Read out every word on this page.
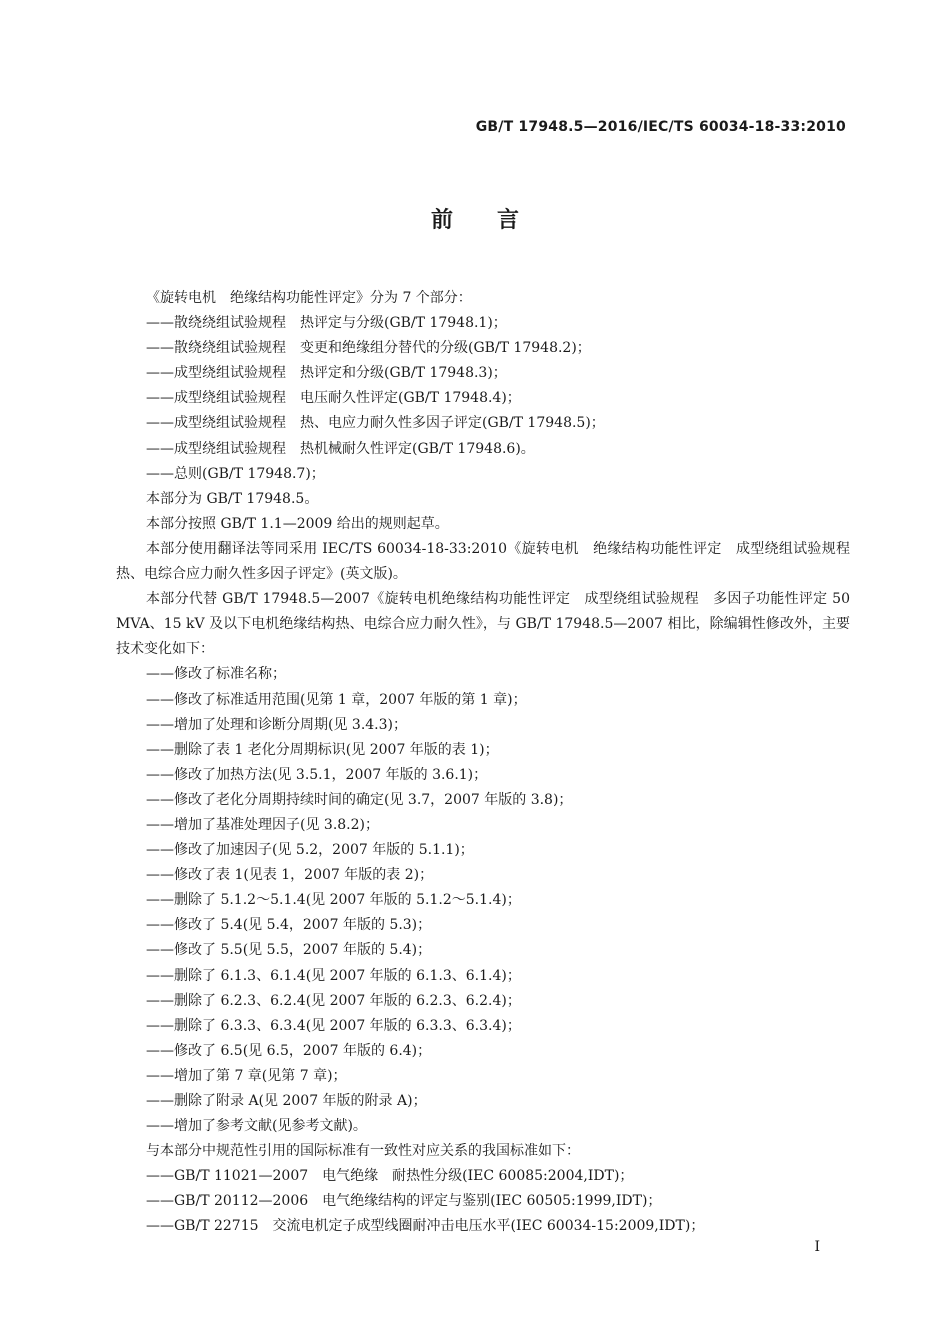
GB/T 17948.5—2016/IEC/TS 60034-18-33:2010
前言

《旋转电机　绝缘结构功能性评定》分为 7 个部分：

——散绕绕组试验规程　热评定与分级(GB/T 17948.1)；

——散绕绕组试验规程　变更和绝缘组分替代的分级(GB/T 17948.2)；

——成型绕组试验规程　热评定和分级(GB/T 17948.3)；

——成型绕组试验规程　电压耐久性评定(GB/T 17948.4)；

——成型绕组试验规程　热、电应力耐久性多因子评定(GB/T 17948.5)；

——成型绕组试验规程　热机械耐久性评定(GB/T 17948.6)。

——总则(GB/T 17948.7)；

本部分为 GB/T 17948.5。

本部分按照 GB/T 1.1—2009 给出的规则起草。

本部分使用翻译法等同采用 IEC/TS 60034-18-33:2010《旋转电机　绝缘结构功能性评定　成型绕组试验规程　热、电综合应力耐久性多因子评定》(英文版)。

本部分代替 GB/T 17948.5—2007《旋转电机绝缘结构功能性评定　成型绕组试验规程　多因子功能性评定 50 MVA、15 kV 及以下电机绝缘结构热、电综合应力耐久性》，与 GB/T 17948.5—2007 相比，除编辑性修改外，主要技术变化如下：

——修改了标准名称；

——修改了标准适用范围(见第 1 章，2007 年版的第 1 章)；

——增加了处理和诊断分周期(见 3.4.3)；

——删除了表 1 老化分周期标识(见 2007 年版的表 1)；

——修改了加热方法(见 3.5.1，2007 年版的 3.6.1)；

——修改了老化分周期持续时间的确定(见 3.7，2007 年版的 3.8)；

——增加了基准处理因子(见 3.8.2)；

——修改了加速因子(见 5.2，2007 年版的 5.1.1)；

——修改了表 1(见表 1，2007 年版的表 2)；

——删除了 5.1.2～5.1.4(见 2007 年版的 5.1.2～5.1.4)；

——修改了 5.4(见 5.4，2007 年版的 5.3)；

——修改了 5.5(见 5.5，2007 年版的 5.4)；

——删除了 6.1.3、6.1.4(见 2007 年版的 6.1.3、6.1.4)；

——删除了 6.2.3、6.2.4(见 2007 年版的 6.2.3、6.2.4)；

——删除了 6.3.3、6.3.4(见 2007 年版的 6.3.3、6.3.4)；

——修改了 6.5(见 6.5，2007 年版的 6.4)；

——增加了第 7 章(见第 7 章)；

——删除了附录 A(见 2007 年版的附录 A)；

——增加了参考文献(见参考文献)。

与本部分中规范性引用的国际标准有一致性对应关系的我国标准如下：

——GB/T 11021—2007　电气绝缘　耐热性分级(IEC 60085:2004,IDT)；

——GB/T 20112—2006　电气绝缘结构的评定与鉴别(IEC 60505:1999,IDT)；

——GB/T 22715　交流电机定子成型线圈耐冲击电压水平(IEC 60034-15:2009,IDT)；

I
